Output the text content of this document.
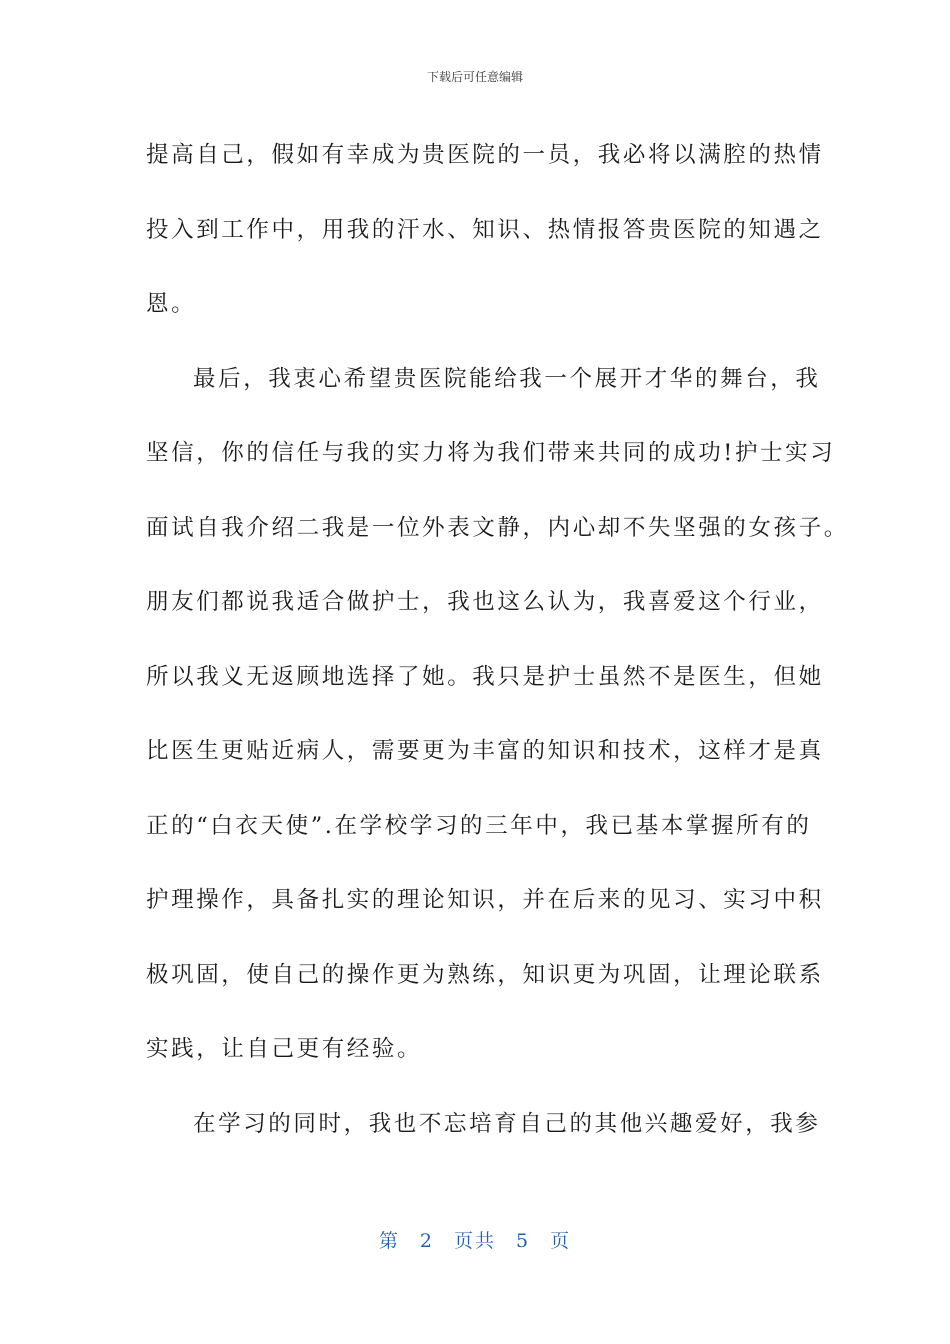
下载后可任意编辑
提高自己，假如有幸成为贵医院的一员，我必将以满腔的热情
投入到工作中，用我的汗水、知识、热情报答贵医院的知遇之
恩。
最后，我衷心希望贵医院能给我一个展开才华的舞台，我
坚信，你的信任与我的实力将为我们带来共同的成功!护士实习
面试自我介绍二我是一位外表文静，内心却不失坚强的女孩子。
朋友们都说我适合做护士，我也这么认为，我喜爱这个行业，
所以我义无返顾地选择了她。我只是护士虽然不是医生，但她
比医生更贴近病人，需要更为丰富的知识和技术，这样才是真
正的“白衣天使”.在学校学习的三年中，我已基本掌握所有的
护理操作，具备扎实的理论知识，并在后来的见习、实习中积
极巩固，使自己的操作更为熟练，知识更为巩固，让理论联系
实践，让自己更有经验。
在学习的同时，我也不忘培育自己的其他兴趣爱好，我参
第 2 页共 5 页
